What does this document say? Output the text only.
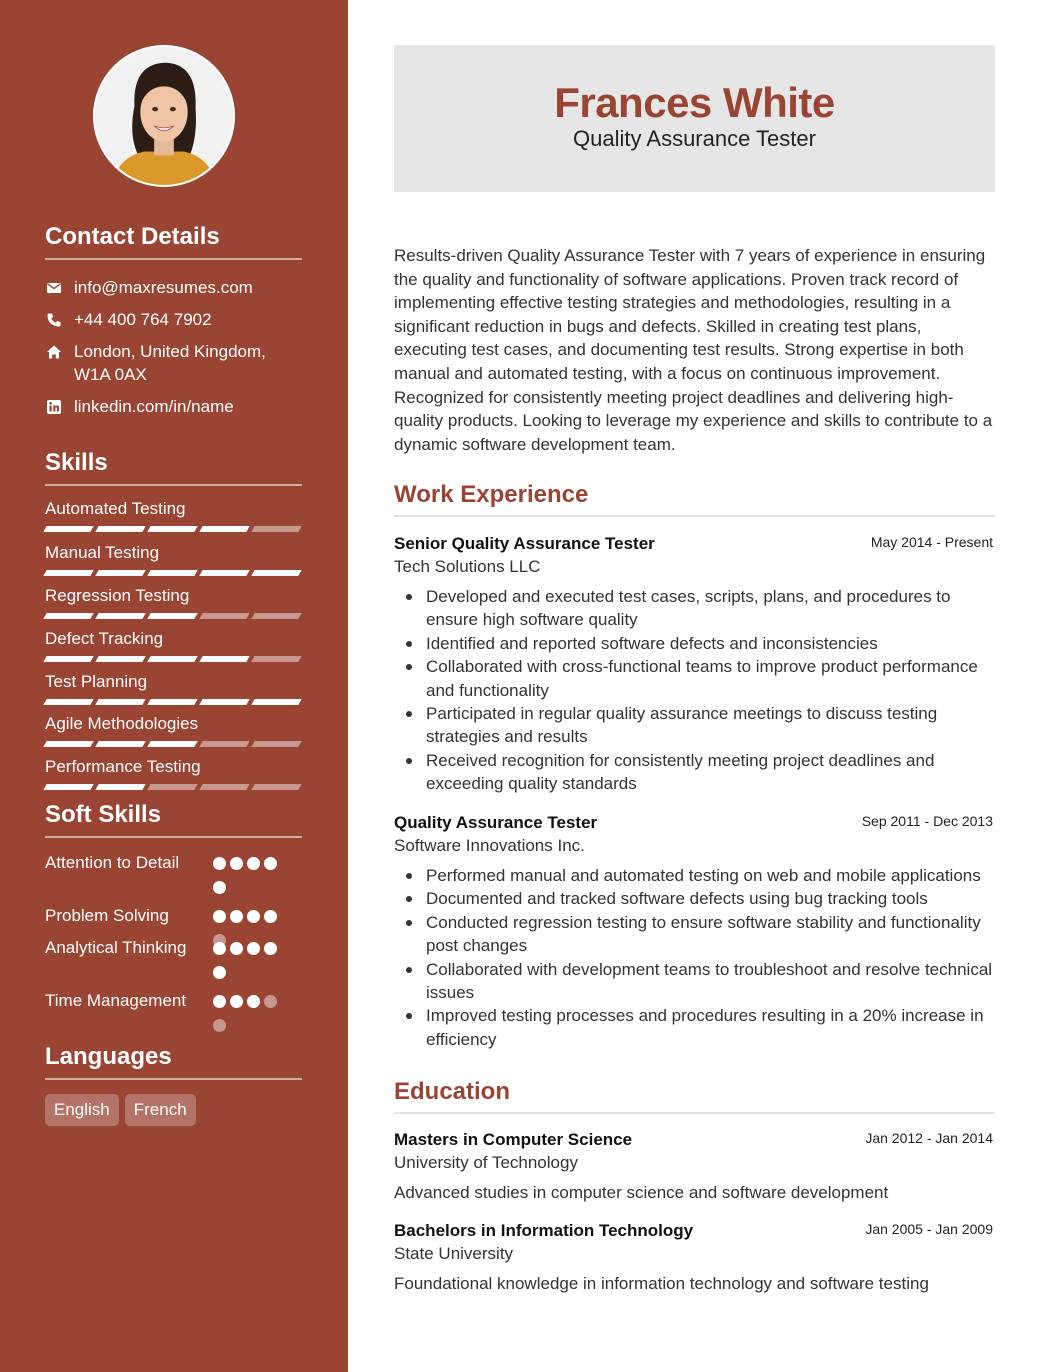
Contact Details
info@maxresumes.com
+44 400 764 7902
London, United Kingdom,
W1A 0AX
linkedin.com/in/name
Skills
Automated Testing
Manual Testing
Regression Testing
Defect Tracking
Test Planning
Agile Methodologies
Performance Testing
Soft Skills
Attention to Detail
Problem Solving
Analytical Thinking
Time Management
Languages
English	French
Frances White
Quality Assurance Tester

Results-driven Quality Assurance Tester with 7 years of experience in ensuring the quality and functionality of software applications. Proven track record of implementing effective testing strategies and methodologies, resulting in a significant reduction in bugs and defects. Skilled in creating test plans, executing test cases, and documenting test results. Strong expertise in both manual and automated testing, with a focus on continuous improvement. Recognized for consistently meeting project deadlines and delivering high-quality products. Looking to leverage my experience and skills to contribute to a dynamic software development team.

Work Experience
Senior Quality Assurance Tester	May 2014 - Present
Tech Solutions LLC
Developed and executed test cases, scripts, plans, and procedures to ensure high software quality
Identified and reported software defects and inconsistencies
Collaborated with cross-functional teams to improve product performance and functionality
Participated in regular quality assurance meetings to discuss testing strategies and results
Received recognition for consistently meeting project deadlines and exceeding quality standards
Quality Assurance Tester	Sep 2011 - Dec 2013
Software Innovations Inc.
Performed manual and automated testing on web and mobile applications
Documented and tracked software defects using bug tracking tools
Conducted regression testing to ensure software stability and functionality post changes
Collaborated with development teams to troubleshoot and resolve technical issues
Improved testing processes and procedures resulting in a 20% increase in efficiency
Education
Masters in Computer Science	Jan 2012 - Jan 2014
University of Technology
Advanced studies in computer science and software development
Bachelors in Information Technology	Jan 2005 - Jan 2009
State University
Foundational knowledge in information technology and software testing
